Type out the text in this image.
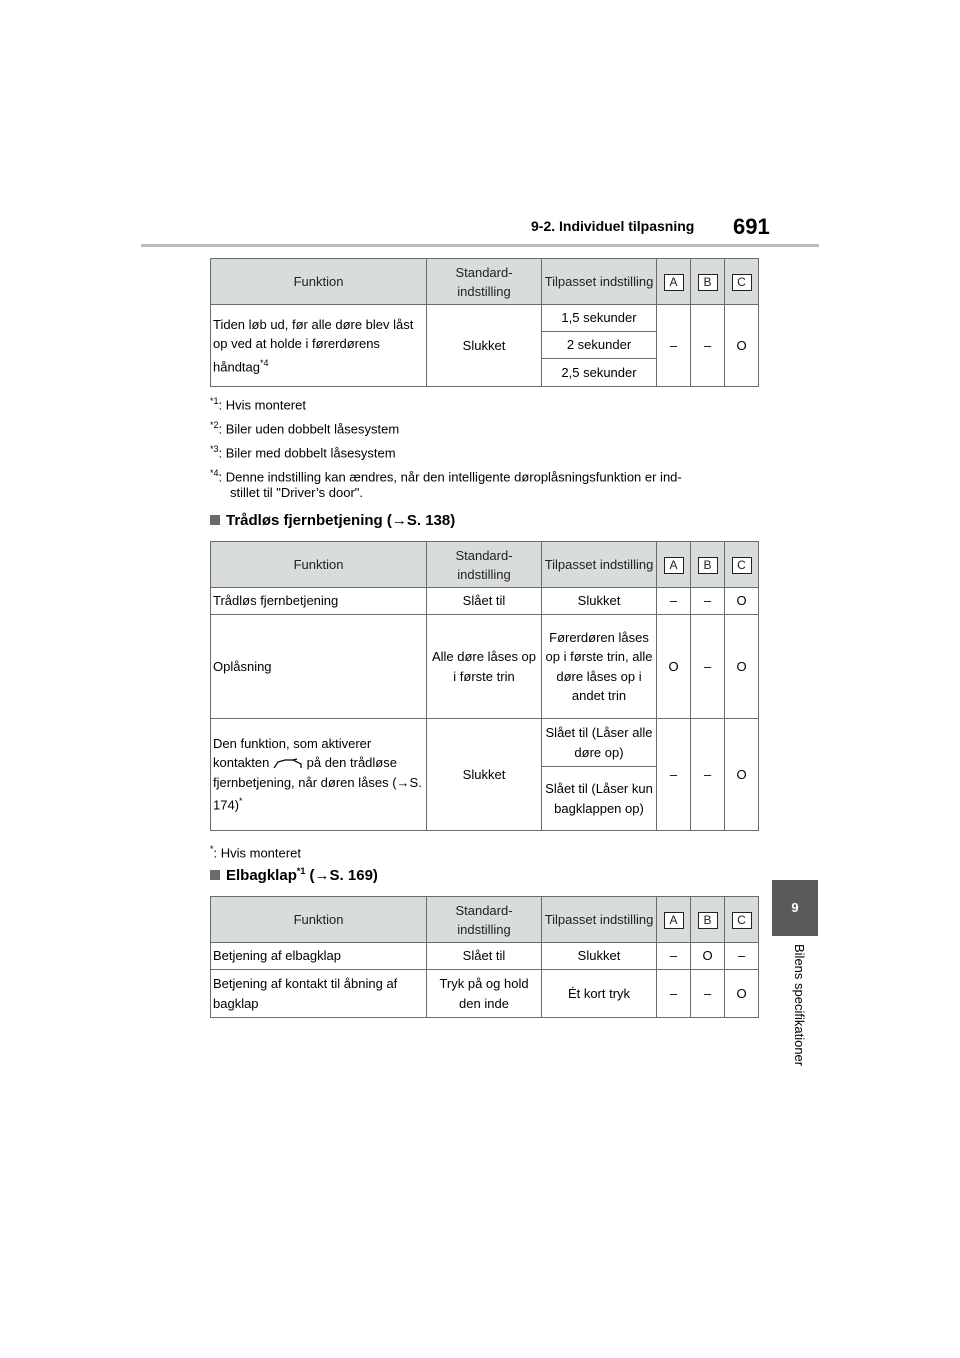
9-2. Individuel tilpasning 691
9
Bilens specifikationer
Funktion	Standard-indstilling	Tilpasset indstilling	A	B	C
Tiden løb ud, før alle døre blev låst op ved at holde i førerdørens håndtag$^{*4}$	Slukket	1,5 sekunder	–	–	O
		2 sekunder			
		2,5 sekunder			
$^{*1}$: Hvis monteret
$^{*2}$: Biler uden dobbelt låsesystem
$^{*3}$: Biler med dobbelt låsesystem
$^{*4}$: Denne indstilling kan ændres, når den intelligente døroplåsningsfunktion er ind-
stillet til "Driver’s door".
Trådløs fjernbetjening (→S. 138)
Funktion	Standard-indstilling	Tilpasset indstilling	A	B	C
Trådløs fjernbetjening	Slået til	Slukket	–	–	O
Oplåsning	Alle døre låses op i første trin	Førerdøren låses op i første trin, alle døre låses op i andet trin	O	–	O
Den funktion, som aktiverer kontakten på den trådløse fjernbetjening, når døren låses (→S. 174)*	Slukket	Slået til (Låser alle døre op)	–	–	O
		Slået til (Låser kun bagklappen op)			
*: Hvis monteret
Elbagklap$^{*1}$ (→S. 169)
Funktion	Standard-indstilling	Tilpasset indstilling	A	B	C
Betjening af elbagklap	Slået til	Slukket	–	O	–
Betjening af kontakt til åbning af bagklap	Tryk på og hold den inde	Ét kort tryk	–	–	O
